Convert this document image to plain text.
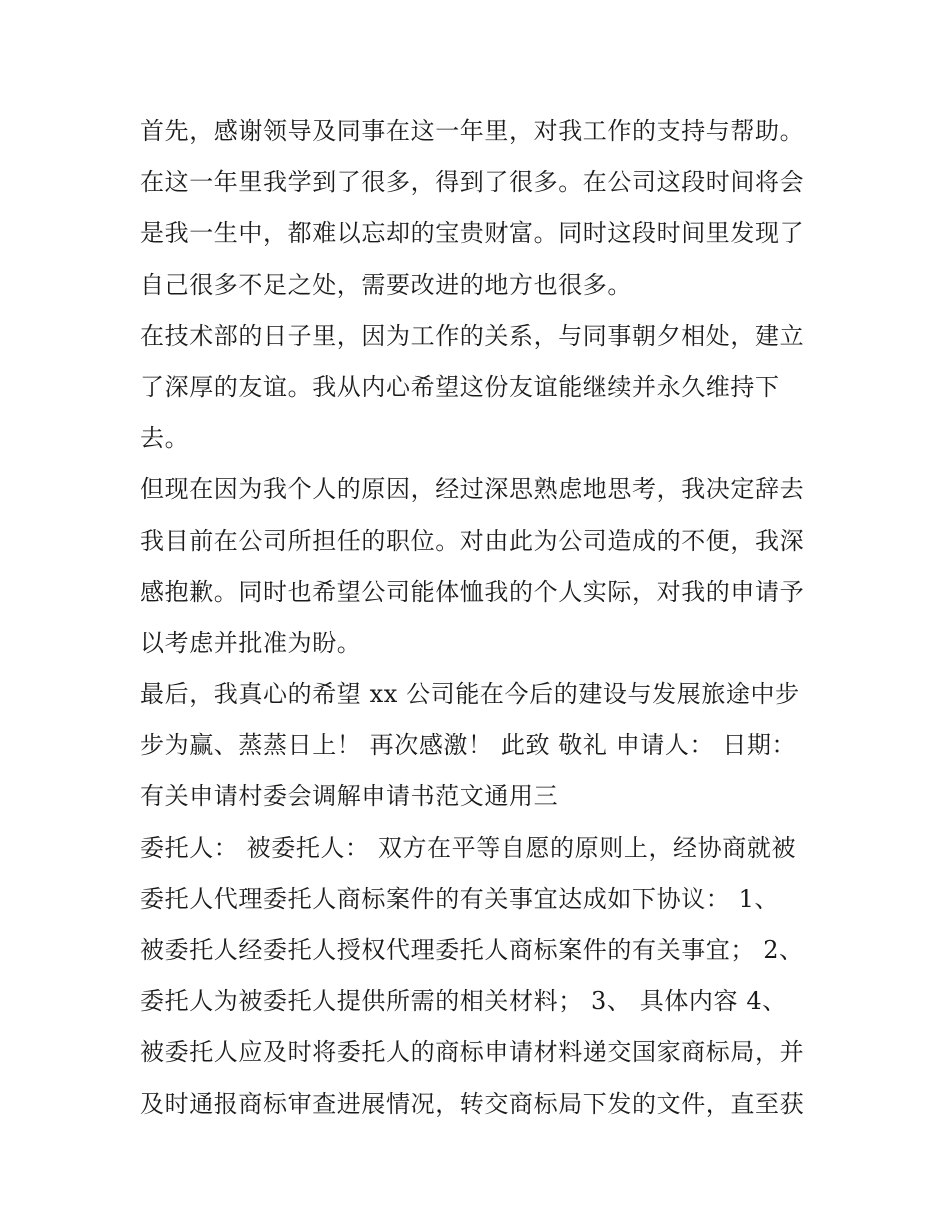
首先，感谢领导及同事在这一年里，对我工作的支持与帮助。
在这一年里我学到了很多，得到了很多。在公司这段时间将会
是我一生中，都难以忘却的宝贵财富。同时这段时间里发现了
自己很多不足之处，需要改进的地方也很多。
在技术部的日子里，因为工作的关系，与同事朝夕相处，建立
了深厚的友谊。我从内心希望这份友谊能继续并永久维持下
去。
但现在因为我个人的原因，经过深思熟虑地思考，我决定辞去
我目前在公司所担任的职位。对由此为公司造成的不便，我深
感抱歉。同时也希望公司能体恤我的个人实际，对我的申请予
以考虑并批准为盼。
最后，我真心的希望 xx 公司能在今后的建设与发展旅途中步
步为赢、蒸蒸日上！ 再次感激！ 此致 敬礼 申请人： 日期：
有关申请村委会调解申请书范文通用三
委托人： 被委托人： 双方在平等自愿的原则上，经协商就被
委托人代理委托人商标案件的有关事宜达成如下协议： 1、
被委托人经委托人授权代理委托人商标案件的有关事宜； 2、
委托人为被委托人提供所需的相关材料； 3、 具体内容 4、
被委托人应及时将委托人的商标申请材料递交国家商标局，并
及时通报商标审查进展情况，转交商标局下发的文件，直至获
